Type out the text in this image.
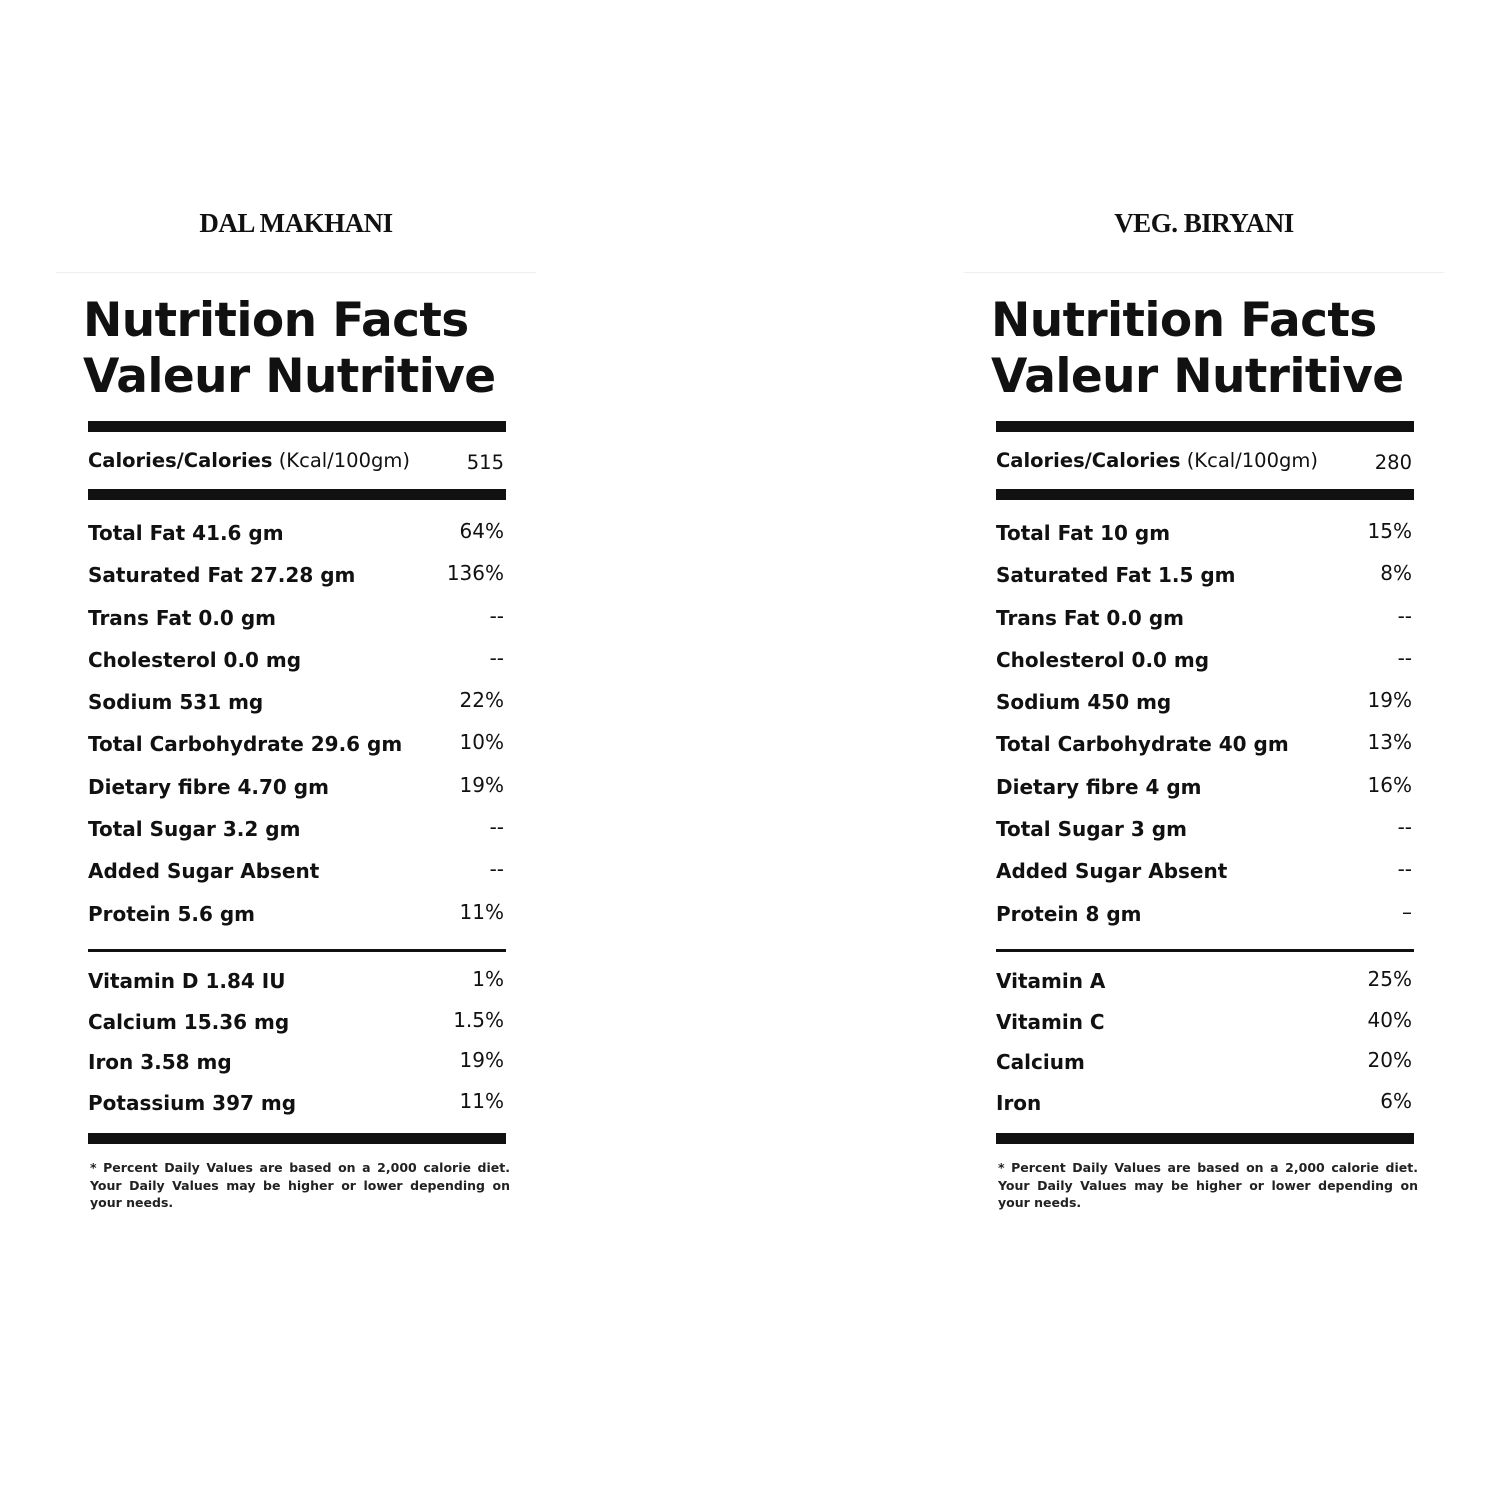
DAL MAKHANI
Nutrition Facts
Valeur Nutritive
Calories/Calories (Kcal/100gm)	515
Total Fat 41.6 gm	64%
Saturated Fat 27.28 gm	136%
Trans Fat 0.0 gm	--
Cholesterol 0.0 mg	--
Sodium 531 mg	22%
Total Carbohydrate 29.6 gm	10%
Dietary fibre 4.70 gm	19%
Total Sugar 3.2 gm	--
Added Sugar Absent	--
Protein 5.6 gm	11%
Vitamin D 1.84 IU	1%
Calcium 15.36 mg	1.5%
Iron 3.58 mg	19%
Potassium 397 mg	11%
* Percent Daily Values are based on a 2,000 calorie diet. Your Daily Values may be higher or lower depending on your needs.
VEG. BIRYANI
Nutrition Facts
Valeur Nutritive
Calories/Calories (Kcal/100gm)	280
Total Fat 10 gm	15%
Saturated Fat 1.5 gm	8%
Trans Fat 0.0 gm	--
Cholesterol 0.0 mg	--
Sodium 450 mg	19%
Total Carbohydrate 40 gm	13%
Dietary fibre 4 gm	16%
Total Sugar 3 gm	--
Added Sugar Absent	--
Protein 8 gm	–
Vitamin A	25%
Vitamin C	40%
Calcium	20%
Iron	6%
* Percent Daily Values are based on a 2,000 calorie diet. Your Daily Values may be higher or lower depending on your needs.
